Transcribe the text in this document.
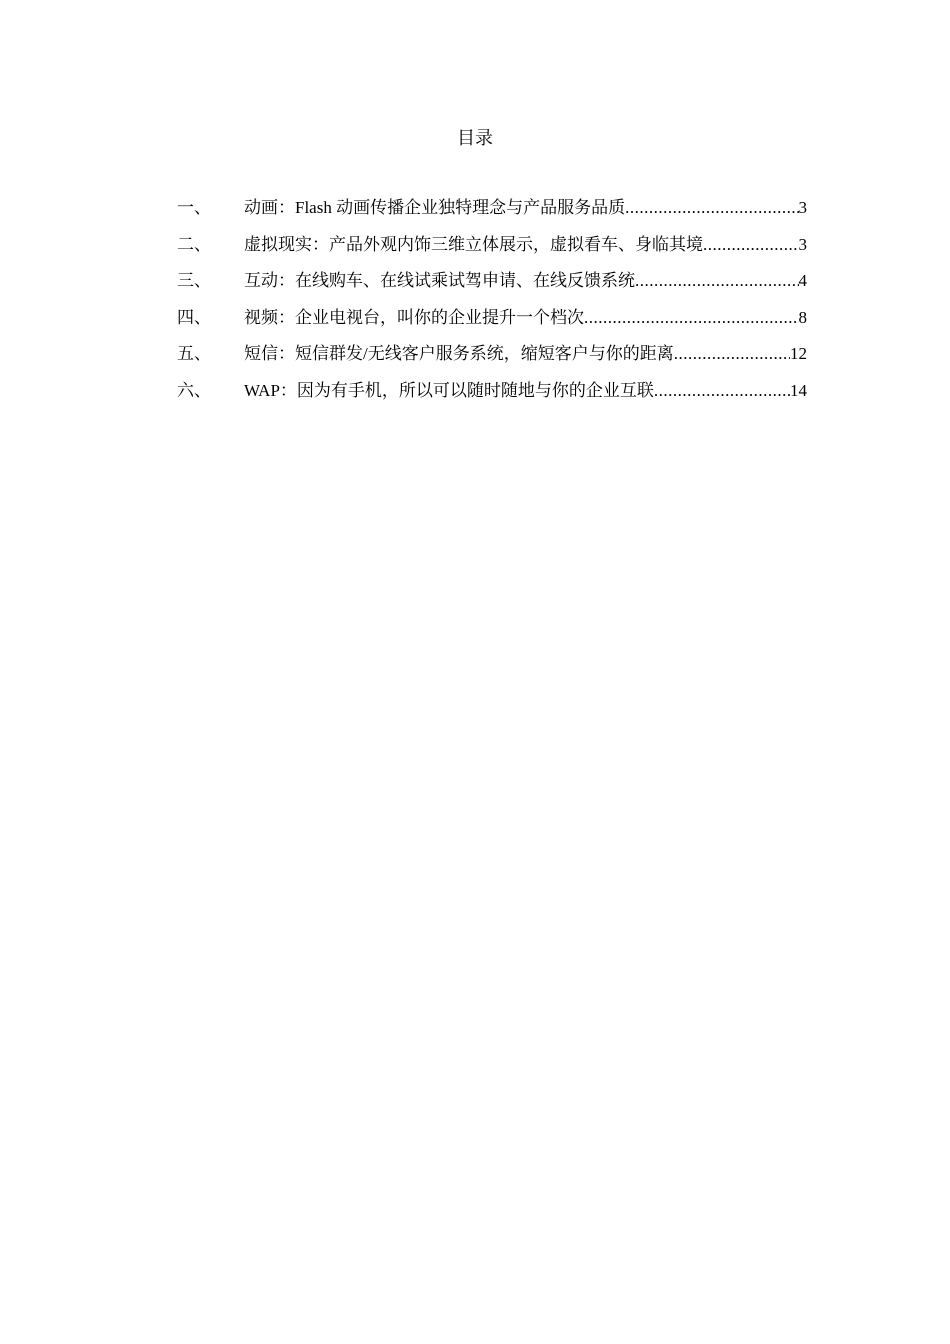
目录
一、	动画：Flash 动画传播企业独特理念与产品服务品质 .....	3
二、	虚拟现实：产品外观内饰三维立体展示，虚拟看车、身临其境 .....	3
三、	互动：在线购车、在线试乘试驾申请、在线反馈系统 .....	4
四、	视频：企业电视台，叫你的企业提升一个档次 .....	8
五、	短信：短信群发/无线客户服务系统，缩短客户与你的距离 .....	12
六、	WAP：因为有手机，所以可以随时随地与你的企业互联 .....	14
